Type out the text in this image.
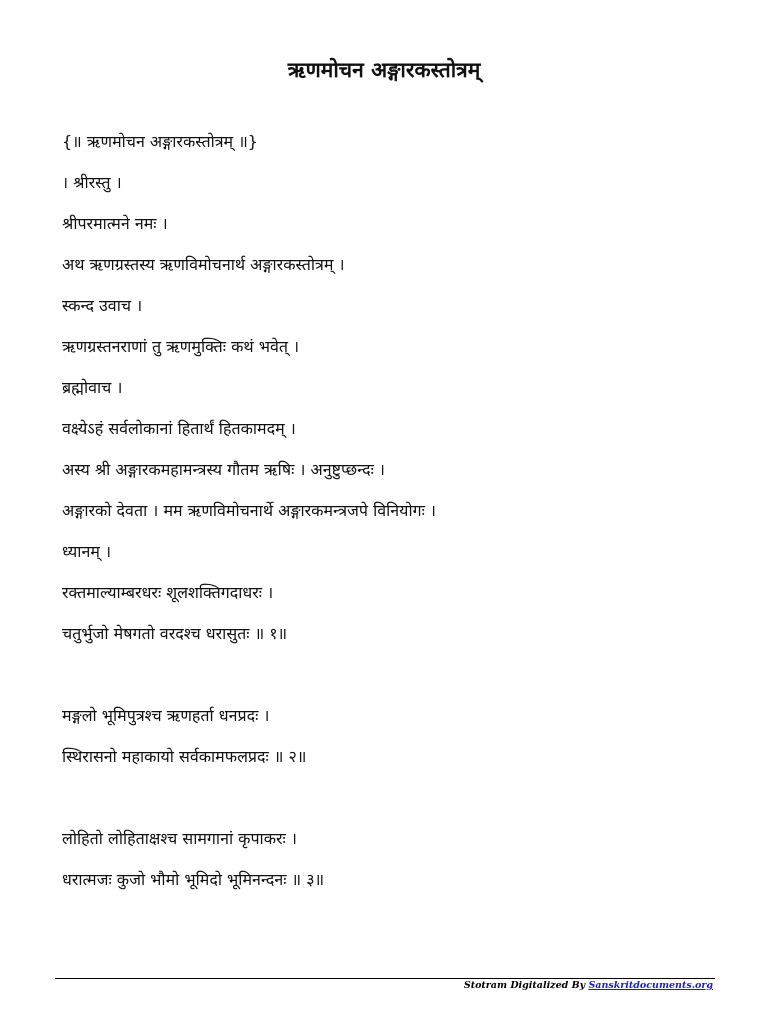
ऋणमोचन अङ्गारकस्तोत्रम्
{॥ ऋणमोचन अङ्गारकस्तोत्रम् ॥}
। श्रीरस्तु ।
श्रीपरमात्मने नमः ।
अथ ऋणग्रस्तस्य ऋणविमोचनार्थ अङ्गारकस्तोत्रम् ।
स्कन्द उवाच ।
ऋणग्रस्तनराणां तु ऋणमुक्तिः कथं भवेत् ।
ब्रह्मोवाच ।
वक्ष्येऽहं सर्वलोकानां हितार्थं हितकामदम् ।
अस्य श्री अङ्गारकमहामन्त्रस्य गौतम ऋषिः । अनुष्टुप्छन्दः ।
अङ्गारको देवता । मम ऋणविमोचनार्थे अङ्गारकमन्त्रजपे विनियोगः ।
ध्यानम् ।
रक्तमाल्याम्बरधरः शूलशक्तिगदाधरः ।
चतुर्भुजो मेषगतो वरदश्च धरासुतः ॥ १॥
मङ्गलो भूमिपुत्रश्च ऋणहर्ता धनप्रदः ।
स्थिरासनो महाकायो सर्वकामफलप्रदः ॥ २॥
लोहितो लोहिताक्षश्च सामगानां कृपाकरः ।
धरात्मजः कुजो भौमो भूमिदो भूमिनन्दनः ॥ ३॥
Stotram Digitalized By Sanskritdocuments.org
